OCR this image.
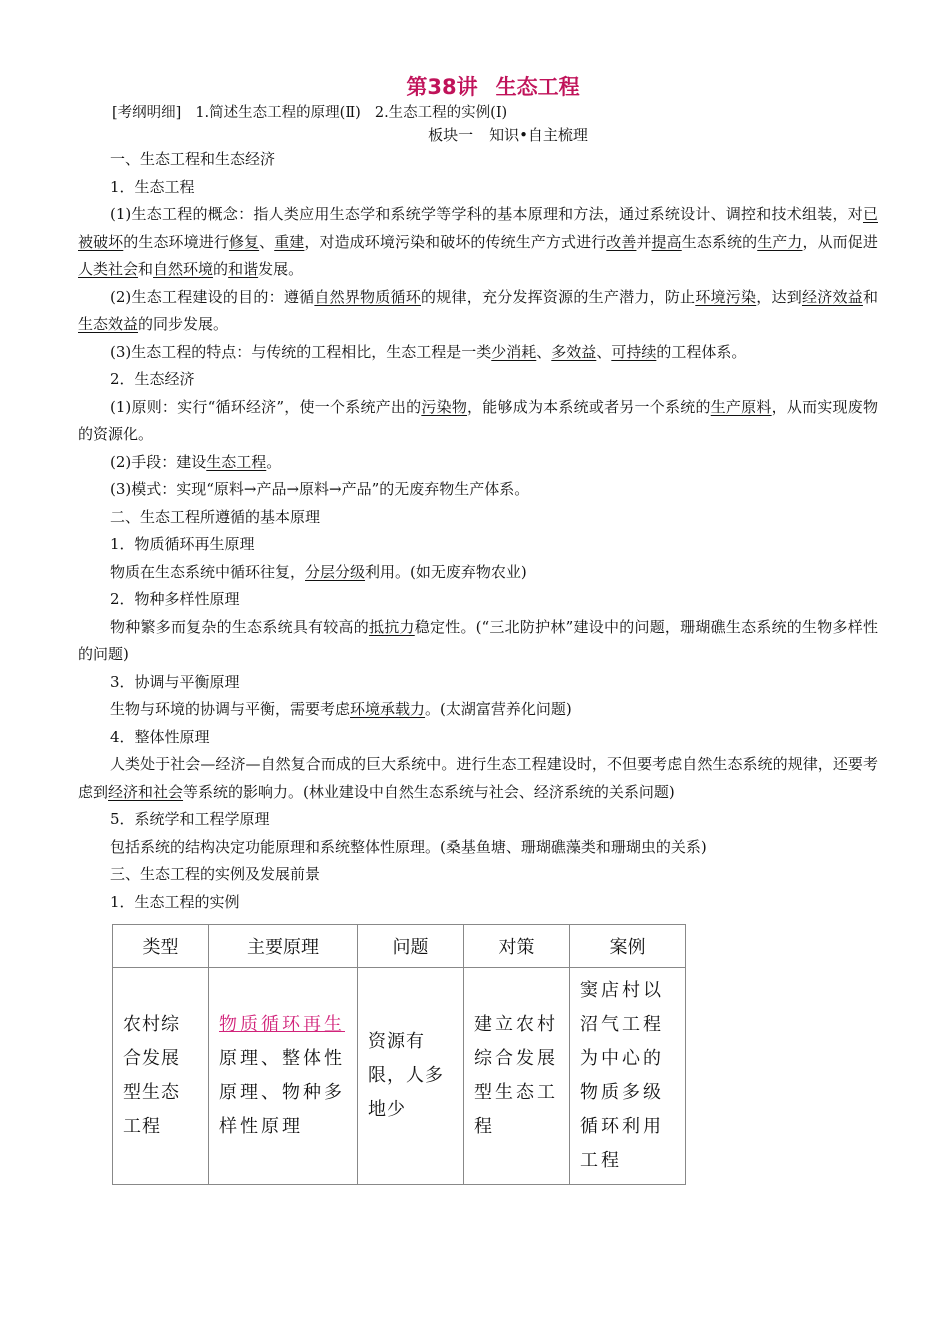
第38讲 生态工程
[考纲明细] 1.简述生态工程的原理(Ⅱ) 2.生态工程的实例(Ⅰ)
板块一 知识•自主梳理
一、生态工程和生态经济
1．生态工程
(1)生态工程的概念：指人类应用生态学和系统学等学科的基本原理和方法，通过系统设计、调控和技术组装，对已被破坏的生态环境进行修复、重建，对造成环境污染和破坏的传统生产方式进行改善并提高生态系统的生产力，从而促进人类社会和自然环境的和谐发展。
(2)生态工程建设的目的：遵循自然界物质循环的规律，充分发挥资源的生产潜力，防止环境污染，达到经济效益和生态效益的同步发展。
(3)生态工程的特点：与传统的工程相比，生态工程是一类少消耗、多效益、可持续的工程体系。
2．生态经济
(1)原则：实行“循环经济”，使一个系统产出的污染物，能够成为本系统或者另一个系统的生产原料，从而实现废物的资源化。
(2)手段：建设生态工程。
(3)模式：实现“原料→产品→原料→产品”的无废弃物生产体系。
二、生态工程所遵循的基本原理
1．物质循环再生原理
物质在生态系统中循环往复，分层分级利用。(如无废弃物农业)
2．物种多样性原理
物种繁多而复杂的生态系统具有较高的抵抗力稳定性。(“三北防护林”建设中的问题，珊瑚礁生态系统的生物多样性的问题)
3．协调与平衡原理
生物与环境的协调与平衡，需要考虑环境承载力。(太湖富营养化问题)
4．整体性原理
人类处于社会—经济—自然复合而成的巨大系统中。进行生态工程建设时，不但要考虑自然生态系统的规律，还要考虑到经济和社会等系统的影响力。(林业建设中自然生态系统与社会、经济系统的关系问题)
5．系统学和工程学原理
包括系统的结构决定功能原理和系统整体性原理。(桑基鱼塘、珊瑚礁藻类和珊瑚虫的关系)
三、生态工程的实例及发展前景
1．生态工程的实例
类型	主要原理	问题	对策	案例
农村综合发展型生态工程	物质循环再生原理、整体性原理、物种多样性原理	资源有限，人多地少	建立农村综合发展型生态工程	窦店村以沼气工程为中心的物质多级循环利用工程
